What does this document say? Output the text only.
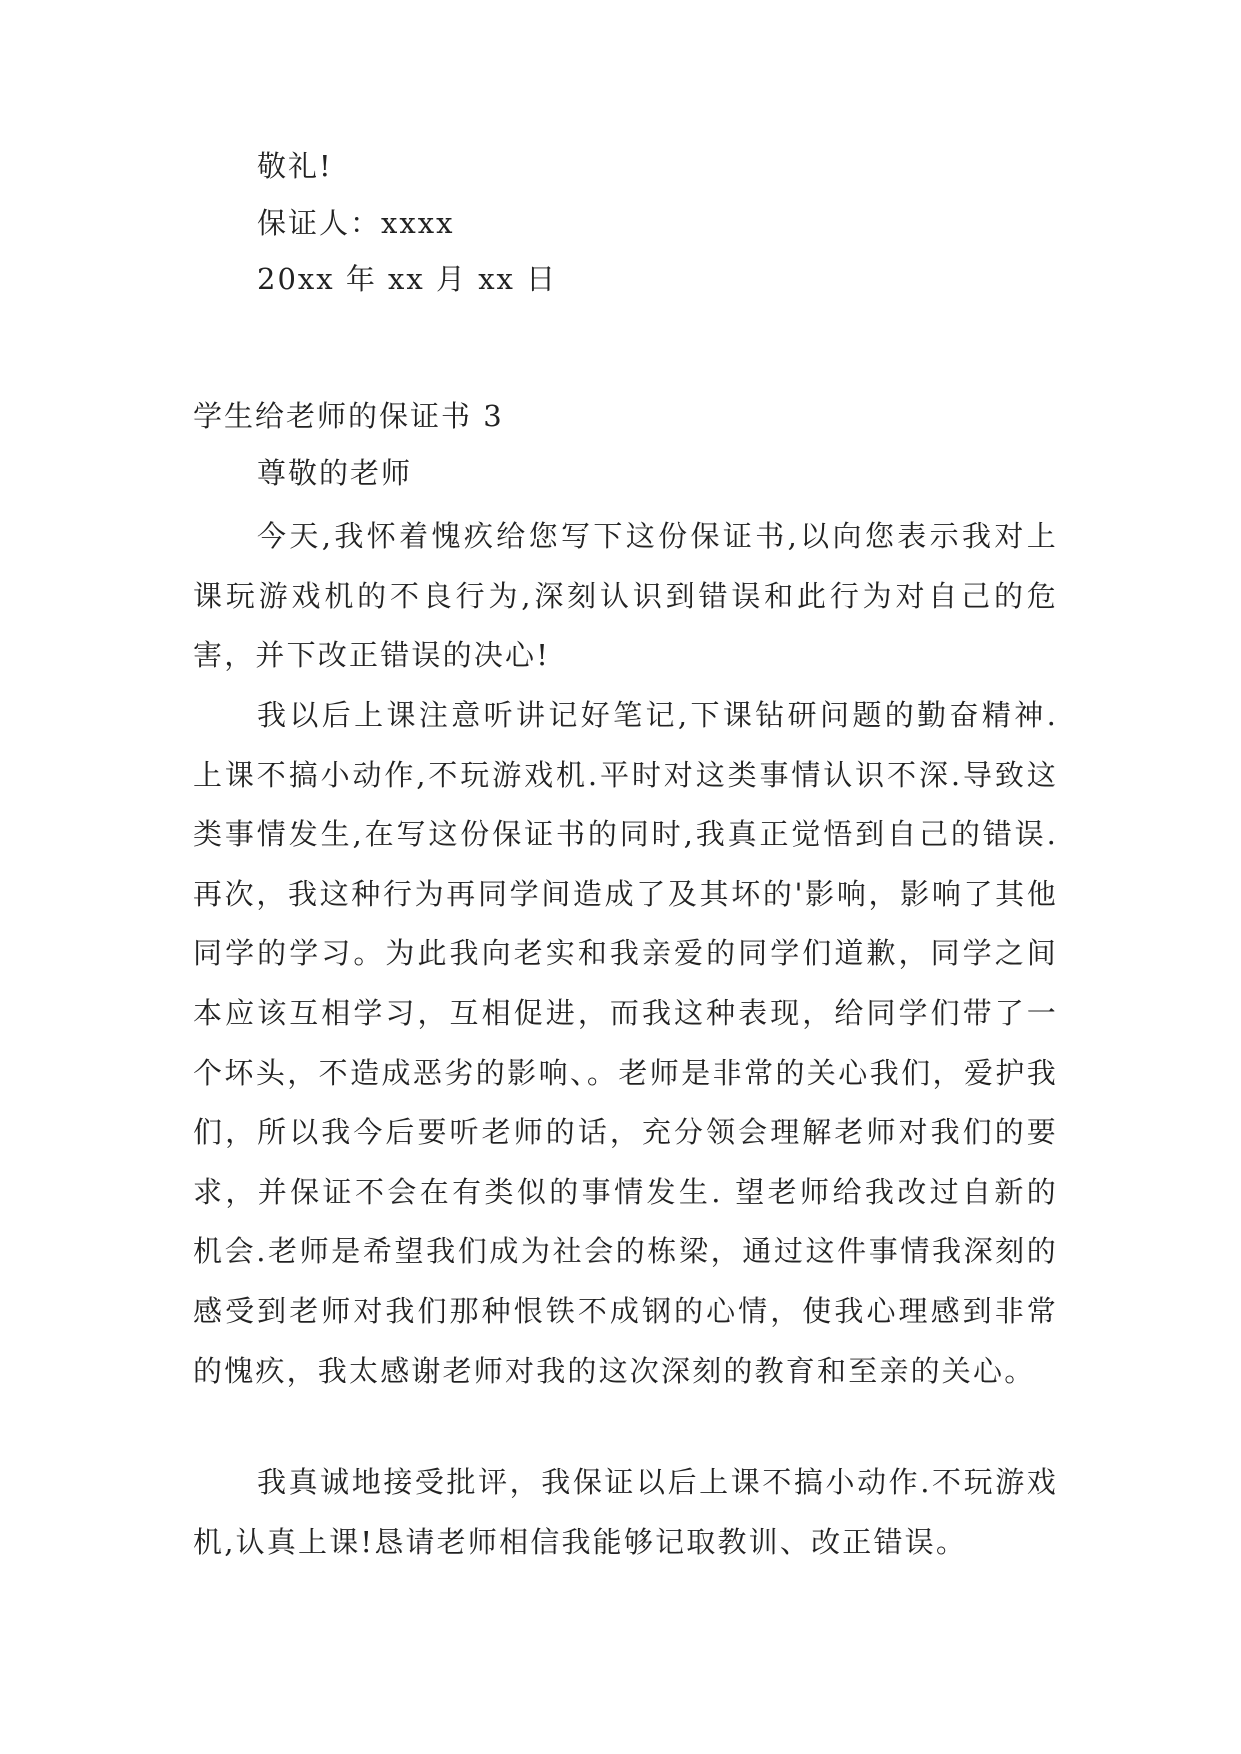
敬礼!

保证人：xxxx

20xx 年 xx 月 xx 日

学生给老师的保证书 3

尊敬的老师

今天,我怀着愧疚给您写下这份保证书,以向您表示我对上课玩游戏机的不良行为,深刻认识到错误和此行为对自己的危害，并下改正错误的决心!

我以后上课注意听讲记好笔记,下课钻研问题的勤奋精神.上课不搞小动作,不玩游戏机.平时对这类事情认识不深.导致这类事情发生,在写这份保证书的同时,我真正觉悟到自己的错误.再次，我这种行为再同学间造成了及其坏的'影响，影响了其他同学的学习。为此我向老实和我亲爱的同学们道歉，同学之间本应该互相学习，互相促进，而我这种表现，给同学们带了一个坏头，不造成恶劣的影响、。老师是非常的关心我们，爱护我们，所以我今后要听老师的话，充分领会理解老师对我们的要求，并保证不会在有类似的事情发生. 望老师给我改过自新的机会.老师是希望我们成为社会的栋梁，通过这件事情我深刻的感受到老师对我们那种恨铁不成钢的心情，使我心理感到非常的愧疚，我太感谢老师对我的这次深刻的教育和至亲的关心。

我真诚地接受批评，我保证以后上课不搞小动作.不玩游戏机,认真上课!恳请老师相信我能够记取教训、改正错误。
